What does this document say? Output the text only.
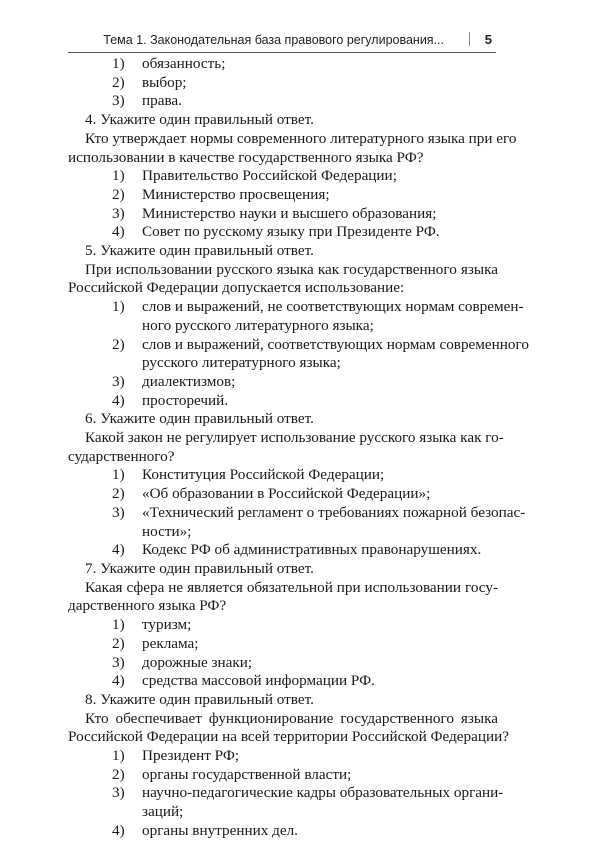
Тема 1. Законодательная база правового регулирования...	5
1)	обязанность;
2)	выбор;
3)	права.
4. Укажите один правильный ответ.
Кто утверждает нормы современного литературного языка при его
использовании в качестве государственного языка РФ?
1)	Правительство Российской Федерации;
2)	Министерство просвещения;
3)	Министерство науки и высшего образования;
4)	Совет по русскому языку при Президенте РФ.
5. Укажите один правильный ответ.
При использовании русского языка как государственного языка
Российской Федерации допускается использование:
1)	слов и выражений, не соответствующих нормам современ-
ного русского литературного языка;
2)	слов и выражений, соответствующих нормам современного
русского литературного языка;
3)	диалектизмов;
4)	просторечий.
6. Укажите один правильный ответ.
Какой закон не регулирует использование русского языка как го-
сударственного?
1)	Конституция Российской Федерации;
2)	«Об образовании в Российской Федерации»;
3)	«Технический регламент о требованиях пожарной безопас-
ности»;
4)	Кодекс РФ об административных правонарушениях.
7. Укажите один правильный ответ.
Какая сфера не является обязательной при использовании госу-
дарственного языка РФ?
1)	туризм;
2)	реклама;
3)	дорожные знаки;
4)	средства массовой информации РФ.
8. Укажите один правильный ответ.
Кто обеспечивает функционирование государственного языка
Российской Федерации на всей территории Российской Федерации?
1)	Президент РФ;
2)	органы государственной власти;
3)	научно-педагогические кадры образовательных органи-
заций;
4)	органы внутренних дел.
